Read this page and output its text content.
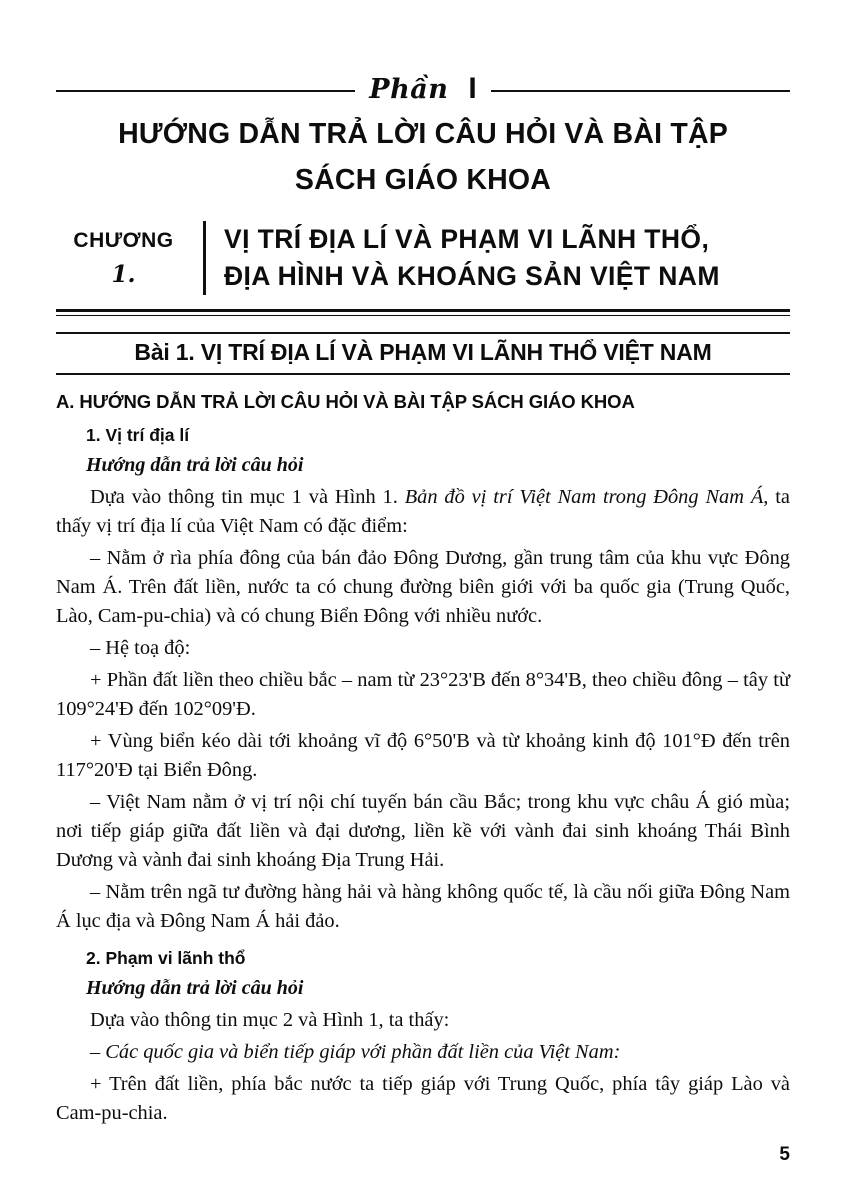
Phần I
HƯỚNG DẪN TRẢ LỜI CÂU HỎI VÀ BÀI TẬP
SÁCH GIÁO KHOA
CHƯƠNG
1.
VỊ TRÍ ĐỊA LÍ VÀ PHẠM VI LÃNH THỔ,
ĐỊA HÌNH VÀ KHOÁNG SẢN VIỆT NAM
Bài 1. VỊ TRÍ ĐỊA LÍ VÀ PHẠM VI LÃNH THỔ VIỆT NAM
A. HƯỚNG DẪN TRẢ LỜI CÂU HỎI VÀ BÀI TẬP SÁCH GIÁO KHOA
1. Vị trí địa lí
Hướng dẫn trả lời câu hỏi

Dựa vào thông tin mục 1 và Hình 1. Bản đồ vị trí Việt Nam trong Đông Nam Á, ta thấy vị trí địa lí của Việt Nam có đặc điểm:

– Nằm ở rìa phía đông của bán đảo Đông Dương, gần trung tâm của khu vực Đông Nam Á. Trên đất liền, nước ta có chung đường biên giới với ba quốc gia (Trung Quốc, Lào, Cam-pu-chia) và có chung Biển Đông với nhiều nước.

– Hệ toạ độ:

+ Phần đất liền theo chiều bắc – nam từ 23°23'B đến 8°34'B, theo chiều đông – tây từ 109°24'Đ đến 102°09'Đ.

+ Vùng biển kéo dài tới khoảng vĩ độ 6°50'B và từ khoảng kinh độ 101°Đ đến trên 117°20'Đ tại Biển Đông.

– Việt Nam nằm ở vị trí nội chí tuyến bán cầu Bắc; trong khu vực châu Á gió mùa; nơi tiếp giáp giữa đất liền và đại dương, liền kề với vành đai sinh khoáng Thái Bình Dương và vành đai sinh khoáng Địa Trung Hải.

– Nằm trên ngã tư đường hàng hải và hàng không quốc tế, là cầu nối giữa Đông Nam Á lục địa và Đông Nam Á hải đảo.

2. Phạm vi lãnh thổ
Hướng dẫn trả lời câu hỏi

Dựa vào thông tin mục 2 và Hình 1, ta thấy:

– Các quốc gia và biển tiếp giáp với phần đất liền của Việt Nam:

+ Trên đất liền, phía bắc nước ta tiếp giáp với Trung Quốc, phía tây giáp Lào và Cam-pu-chia.

5
